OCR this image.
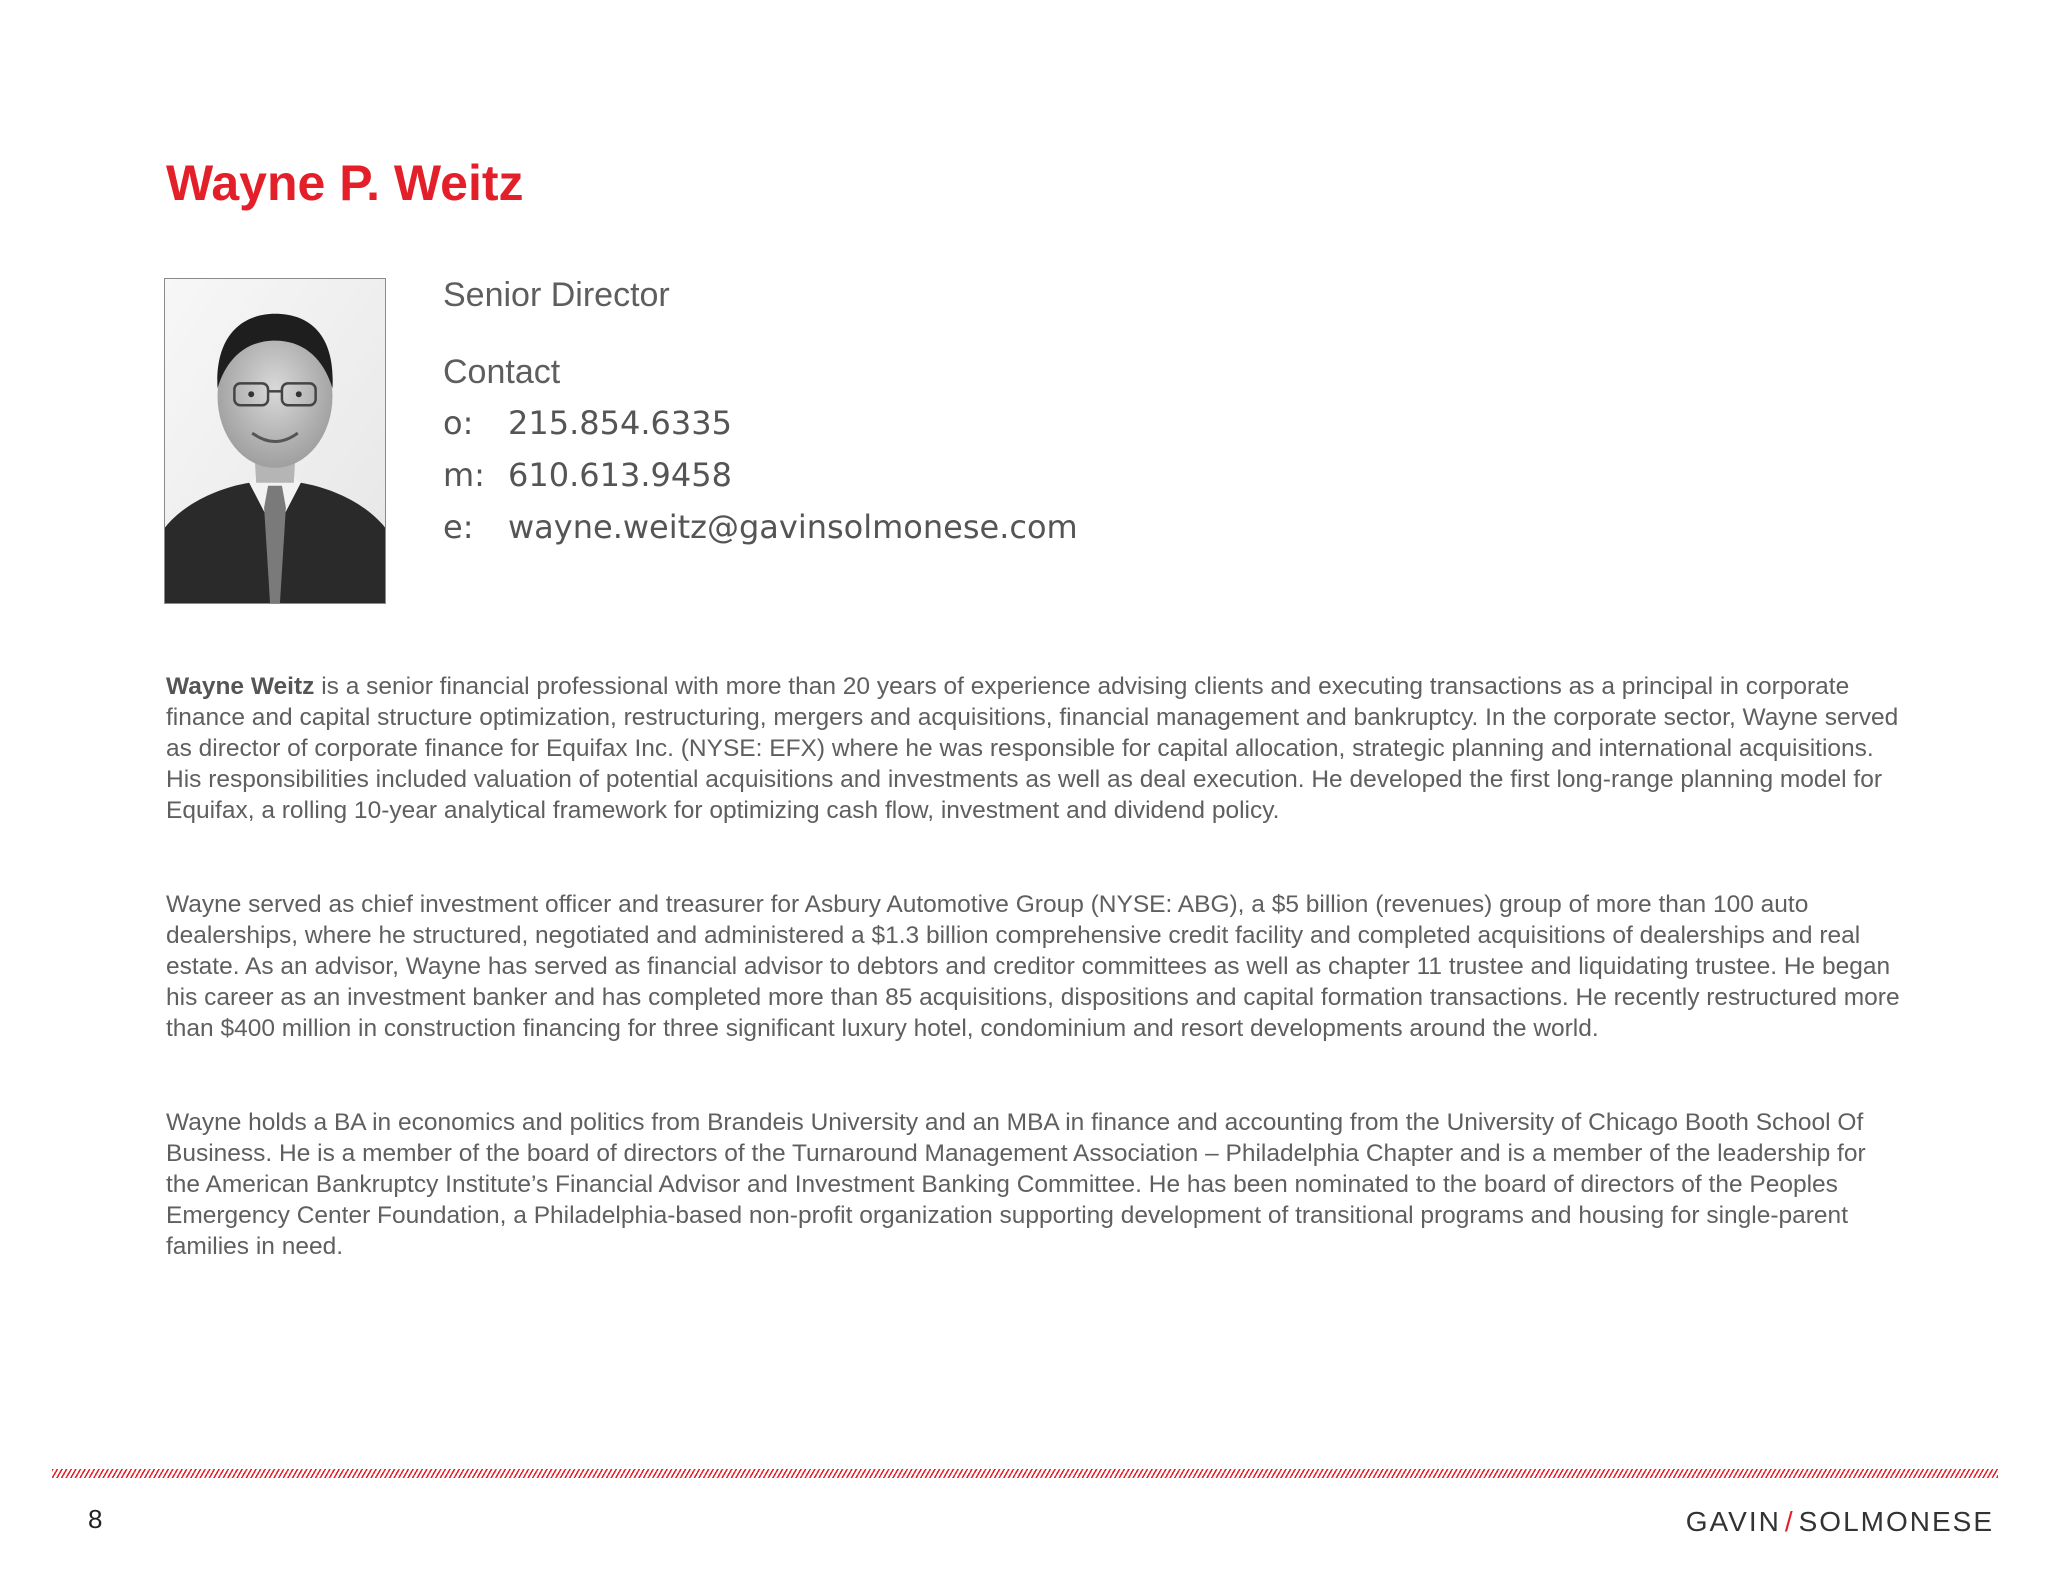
Wayne P. Weitz
Senior Director
Contact
o:	215.854.6335
m: 610.613.9458
e:	wayne.weitz@gavinsolmonese.com

Wayne Weitz is a senior financial professional with more than 20 years of experience advising clients and executing transactions as a principal in corporate finance and capital structure optimization, restructuring, mergers and acquisitions, financial management and bankruptcy. In the corporate sector, Wayne served as director of corporate finance for Equifax Inc. (NYSE: EFX) where he was responsible for capital allocation, strategic planning and international acquisitions. His responsibilities included valuation of potential acquisitions and investments as well as deal execution. He developed the first long-range planning model for Equifax, a rolling 10-year analytical framework for optimizing cash flow, investment and dividend policy.

Wayne served as chief investment officer and treasurer for Asbury Automotive Group (NYSE: ABG), a $5 billion (revenues) group of more than 100 auto dealerships, where he structured, negotiated and administered a $1.3 billion comprehensive credit facility and completed acquisitions of dealerships and real estate. As an advisor, Wayne has served as financial advisor to debtors and creditor committees as well as chapter 11 trustee and liquidating trustee. He began his career as an investment banker and has completed more than 85 acquisitions, dispositions and capital formation transactions. He recently restructured more than $400 million in construction financing for three significant luxury hotel, condominium and resort developments around the world.

Wayne holds a BA in economics and politics from Brandeis University and an MBA in finance and accounting from the University of Chicago Booth School Of Business. He is a member of the board of directors of the Turnaround Management Association – Philadelphia Chapter and is a member of the leadership for the American Bankruptcy Institute’s Financial Advisor and Investment Banking Committee. He has been nominated to the board of directors of the Peoples Emergency Center Foundation, a Philadelphia-based non-profit organization supporting development of transitional programs and housing for single-parent families in need.

8	GAVIN / SOLMONESE
